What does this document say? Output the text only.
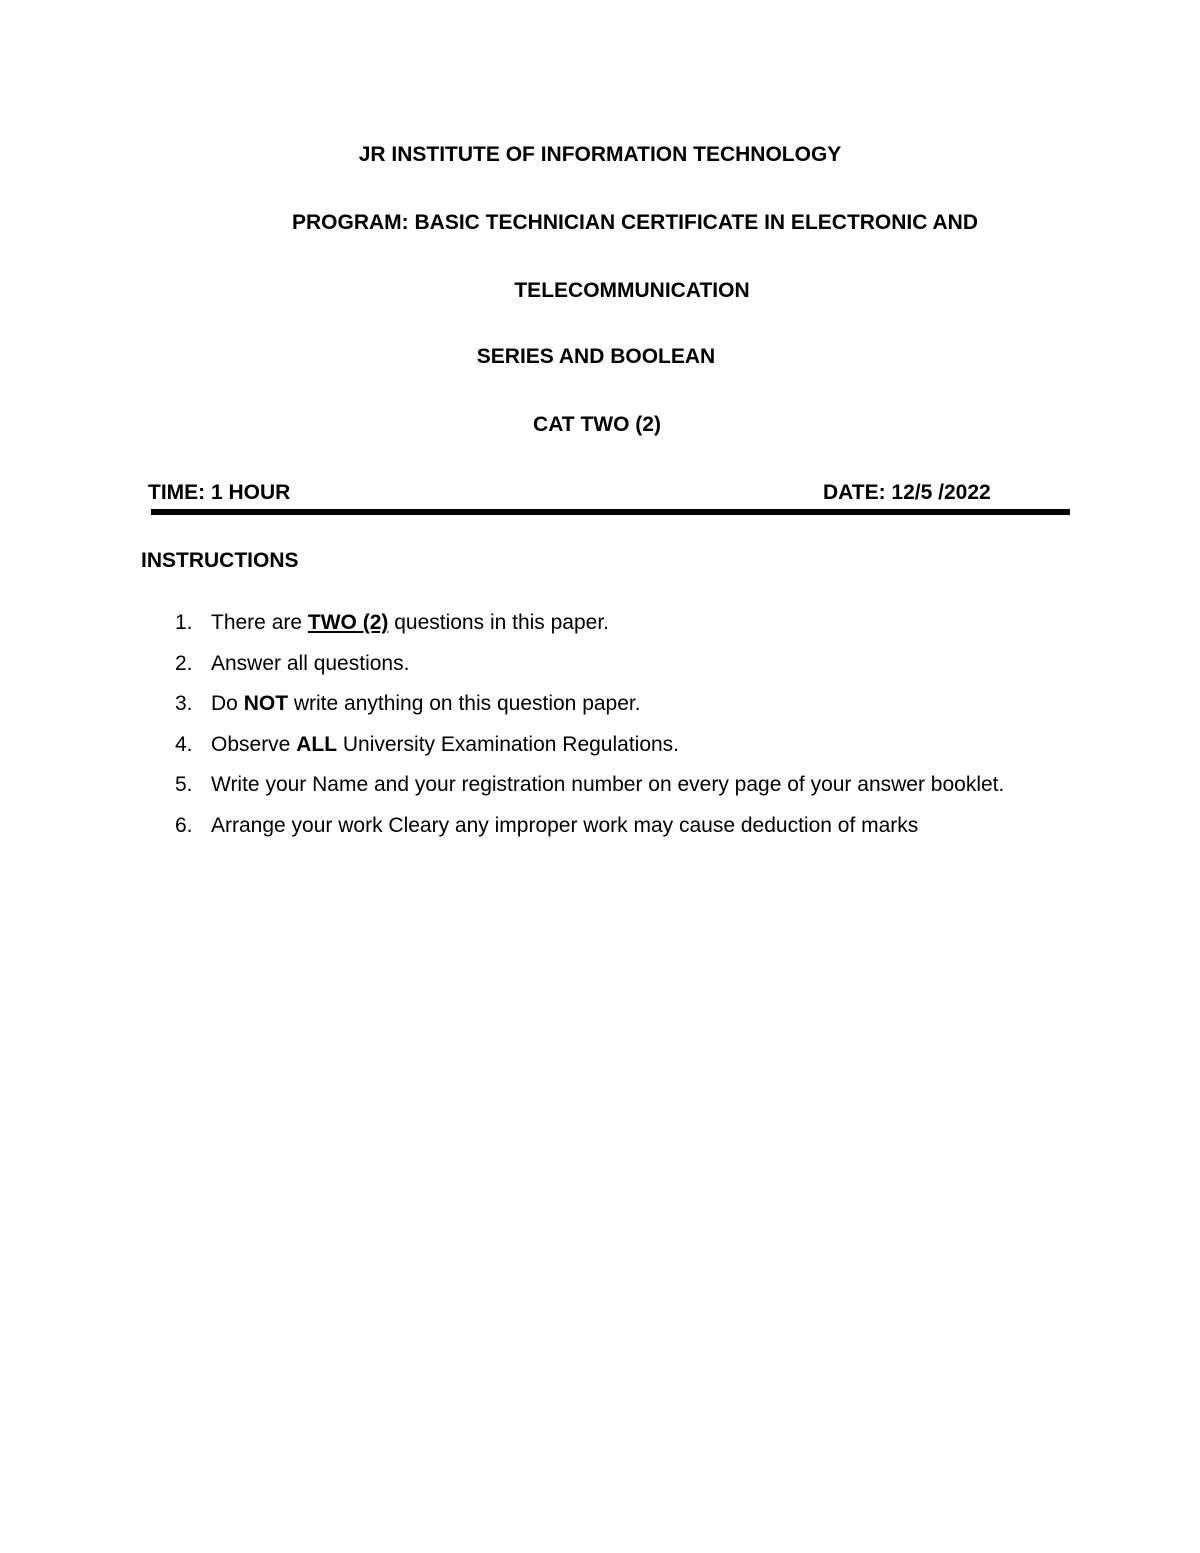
JR INSTITUTE OF INFORMATION TECHNOLOGY
PROGRAM: BASIC TECHNICIAN CERTIFICATE IN ELECTRONIC AND
TELECOMMUNICATION
SERIES AND BOOLEAN
CAT TWO (2)
TIME: 1 HOUR	DATE: 12/5 /2022
INSTRUCTIONS
1. There are TWO (2) questions in this paper.
2. Answer all questions.
3. Do NOT write anything on this question paper.
4. Observe ALL University Examination Regulations.
5. Write your Name and your registration number on every page of your answer booklet.
6. Arrange your work Cleary any improper work may cause deduction of marks
